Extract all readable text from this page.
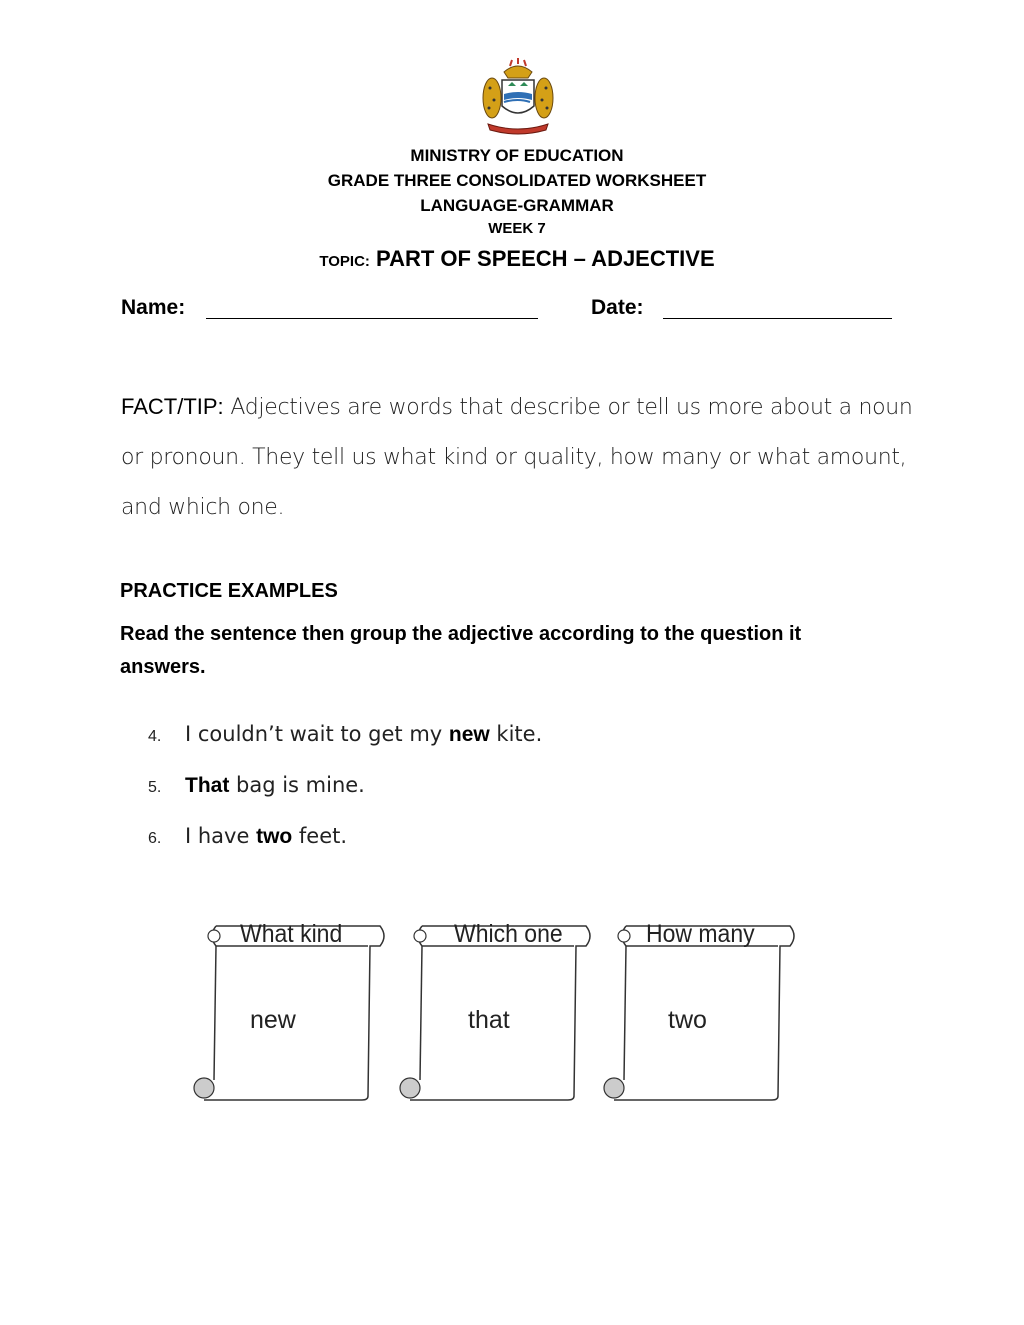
MINISTRY OF EDUCATION
GRADE THREE CONSOLIDATED WORKSHEET
LANGUAGE-GRAMMAR
WEEK 7
TOPIC: PART OF SPEECH – ADJECTIVE
Name:	Date:
FACT/TIP: Adjectives are words that describe or tell us more about a noun or pronoun. They tell us what kind or quality, how many or what amount, and which one.
PRACTICE EXAMPLES
Read the sentence then group the adjective according to the question it answers.
4. I couldn’t wait to get my new kite.
5. That bag is mine.
6. I have two feet.
What kind
new
Which one
that
How many
two
